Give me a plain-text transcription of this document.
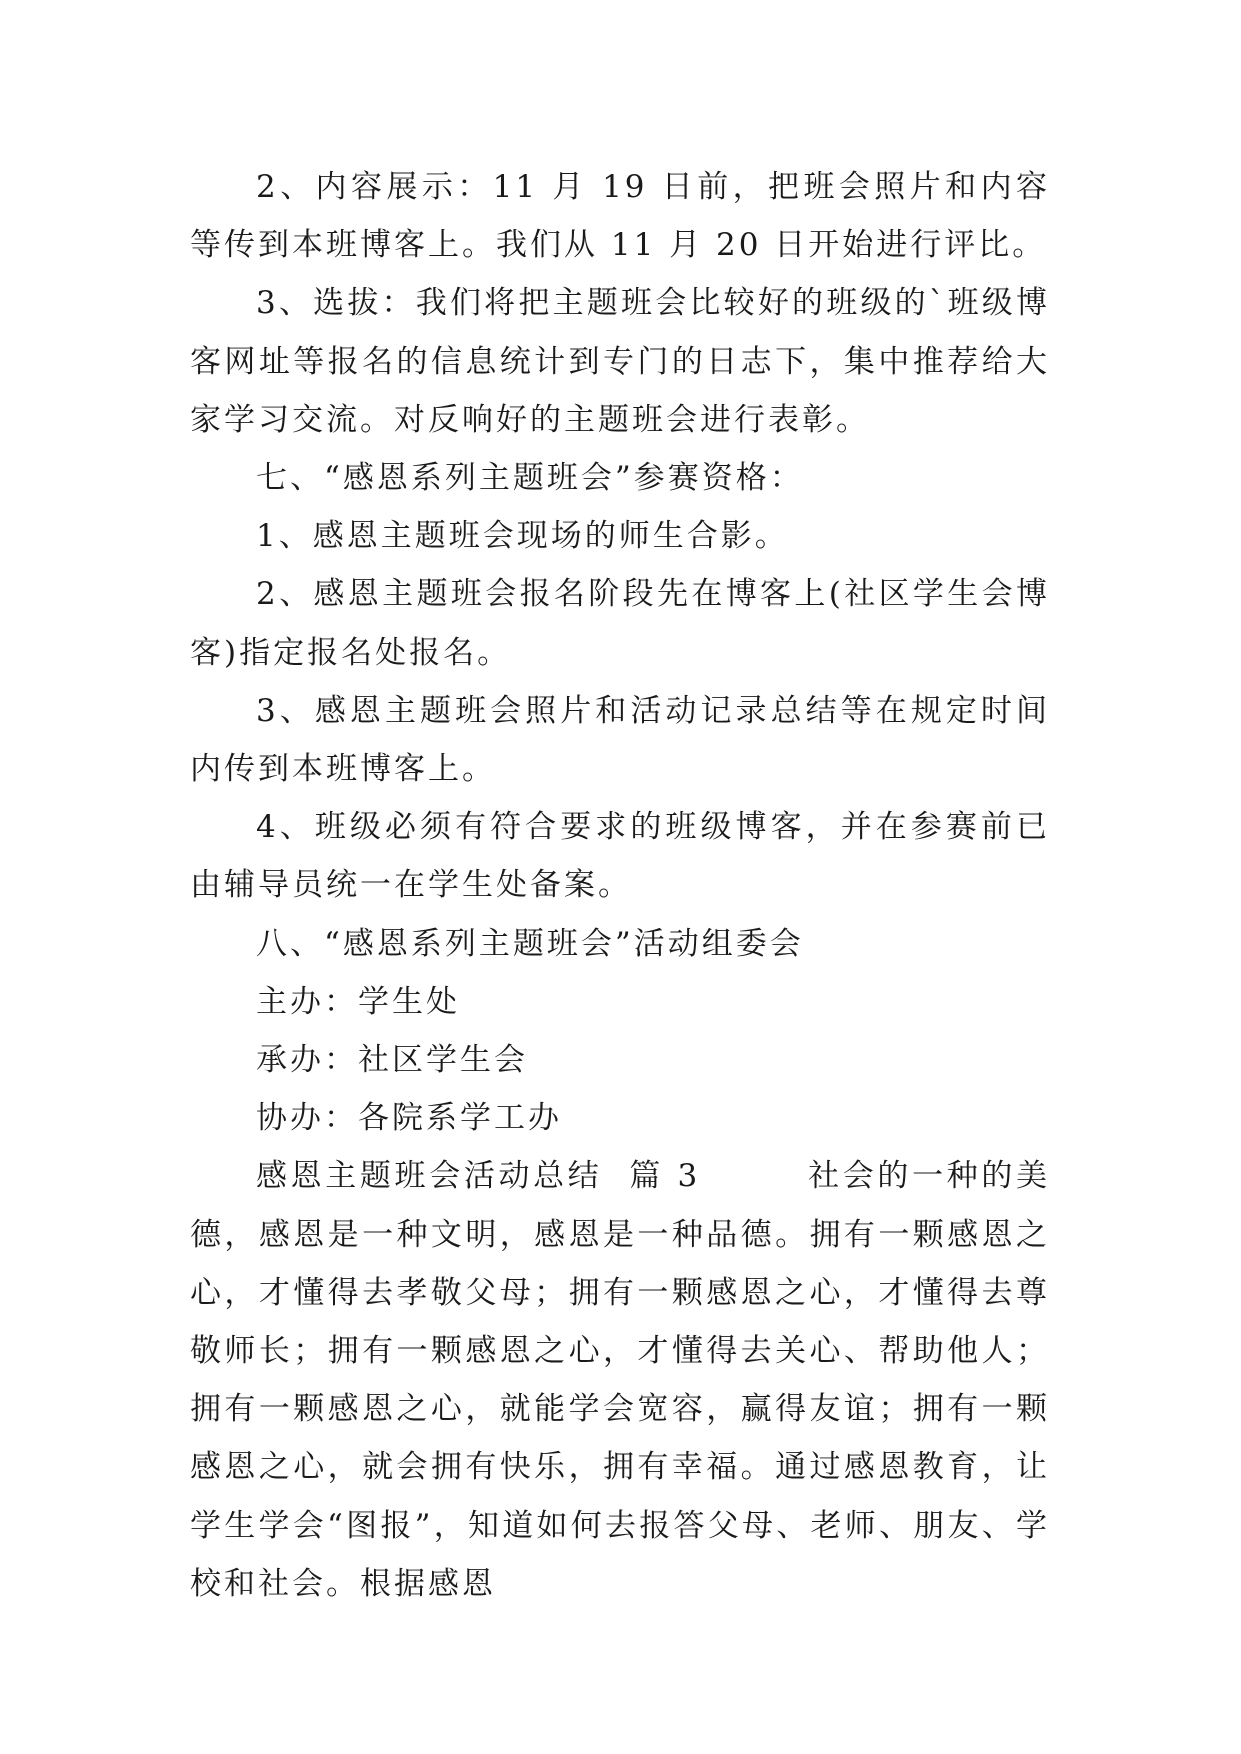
2、内容展示：11 月 19 日前，把班会照片和内容等传到本班博客上。我们从 11 月 20 日开始进行评比。

3、选拔：我们将把主题班会比较好的班级的`班级博客网址等报名的信息统计到专门的日志下，集中推荐给大家学习交流。对反响好的主题班会进行表彰。

七、“感恩系列主题班会”参赛资格：

1、感恩主题班会现场的师生合影。

2、感恩主题班会报名阶段先在博客上(社区学生会博客)指定报名处报名。

3、感恩主题班会照片和活动记录总结等在规定时间内传到本班博客上。

4、班级必须有符合要求的班级博客，并在参赛前已由辅导员统一在学生处备案。

八、“感恩系列主题班会”活动组委会

主办：学生处

承办：社区学生会

协办：各院系学工办

感恩主题班会活动总结  篇 3        社会的一种的美德，感恩是一种文明，感恩是一种品德。拥有一颗感恩之心，才懂得去孝敬父母；拥有一颗感恩之心，才懂得去尊敬师长；拥有一颗感恩之心，才懂得去关心、帮助他人；拥有一颗感恩之心，就能学会宽容，赢得友谊；拥有一颗感恩之心，就会拥有快乐，拥有幸福。通过感恩教育，让学生学会“图报”，知道如何去报答父母、老师、朋友、学校和社会。根据感恩
